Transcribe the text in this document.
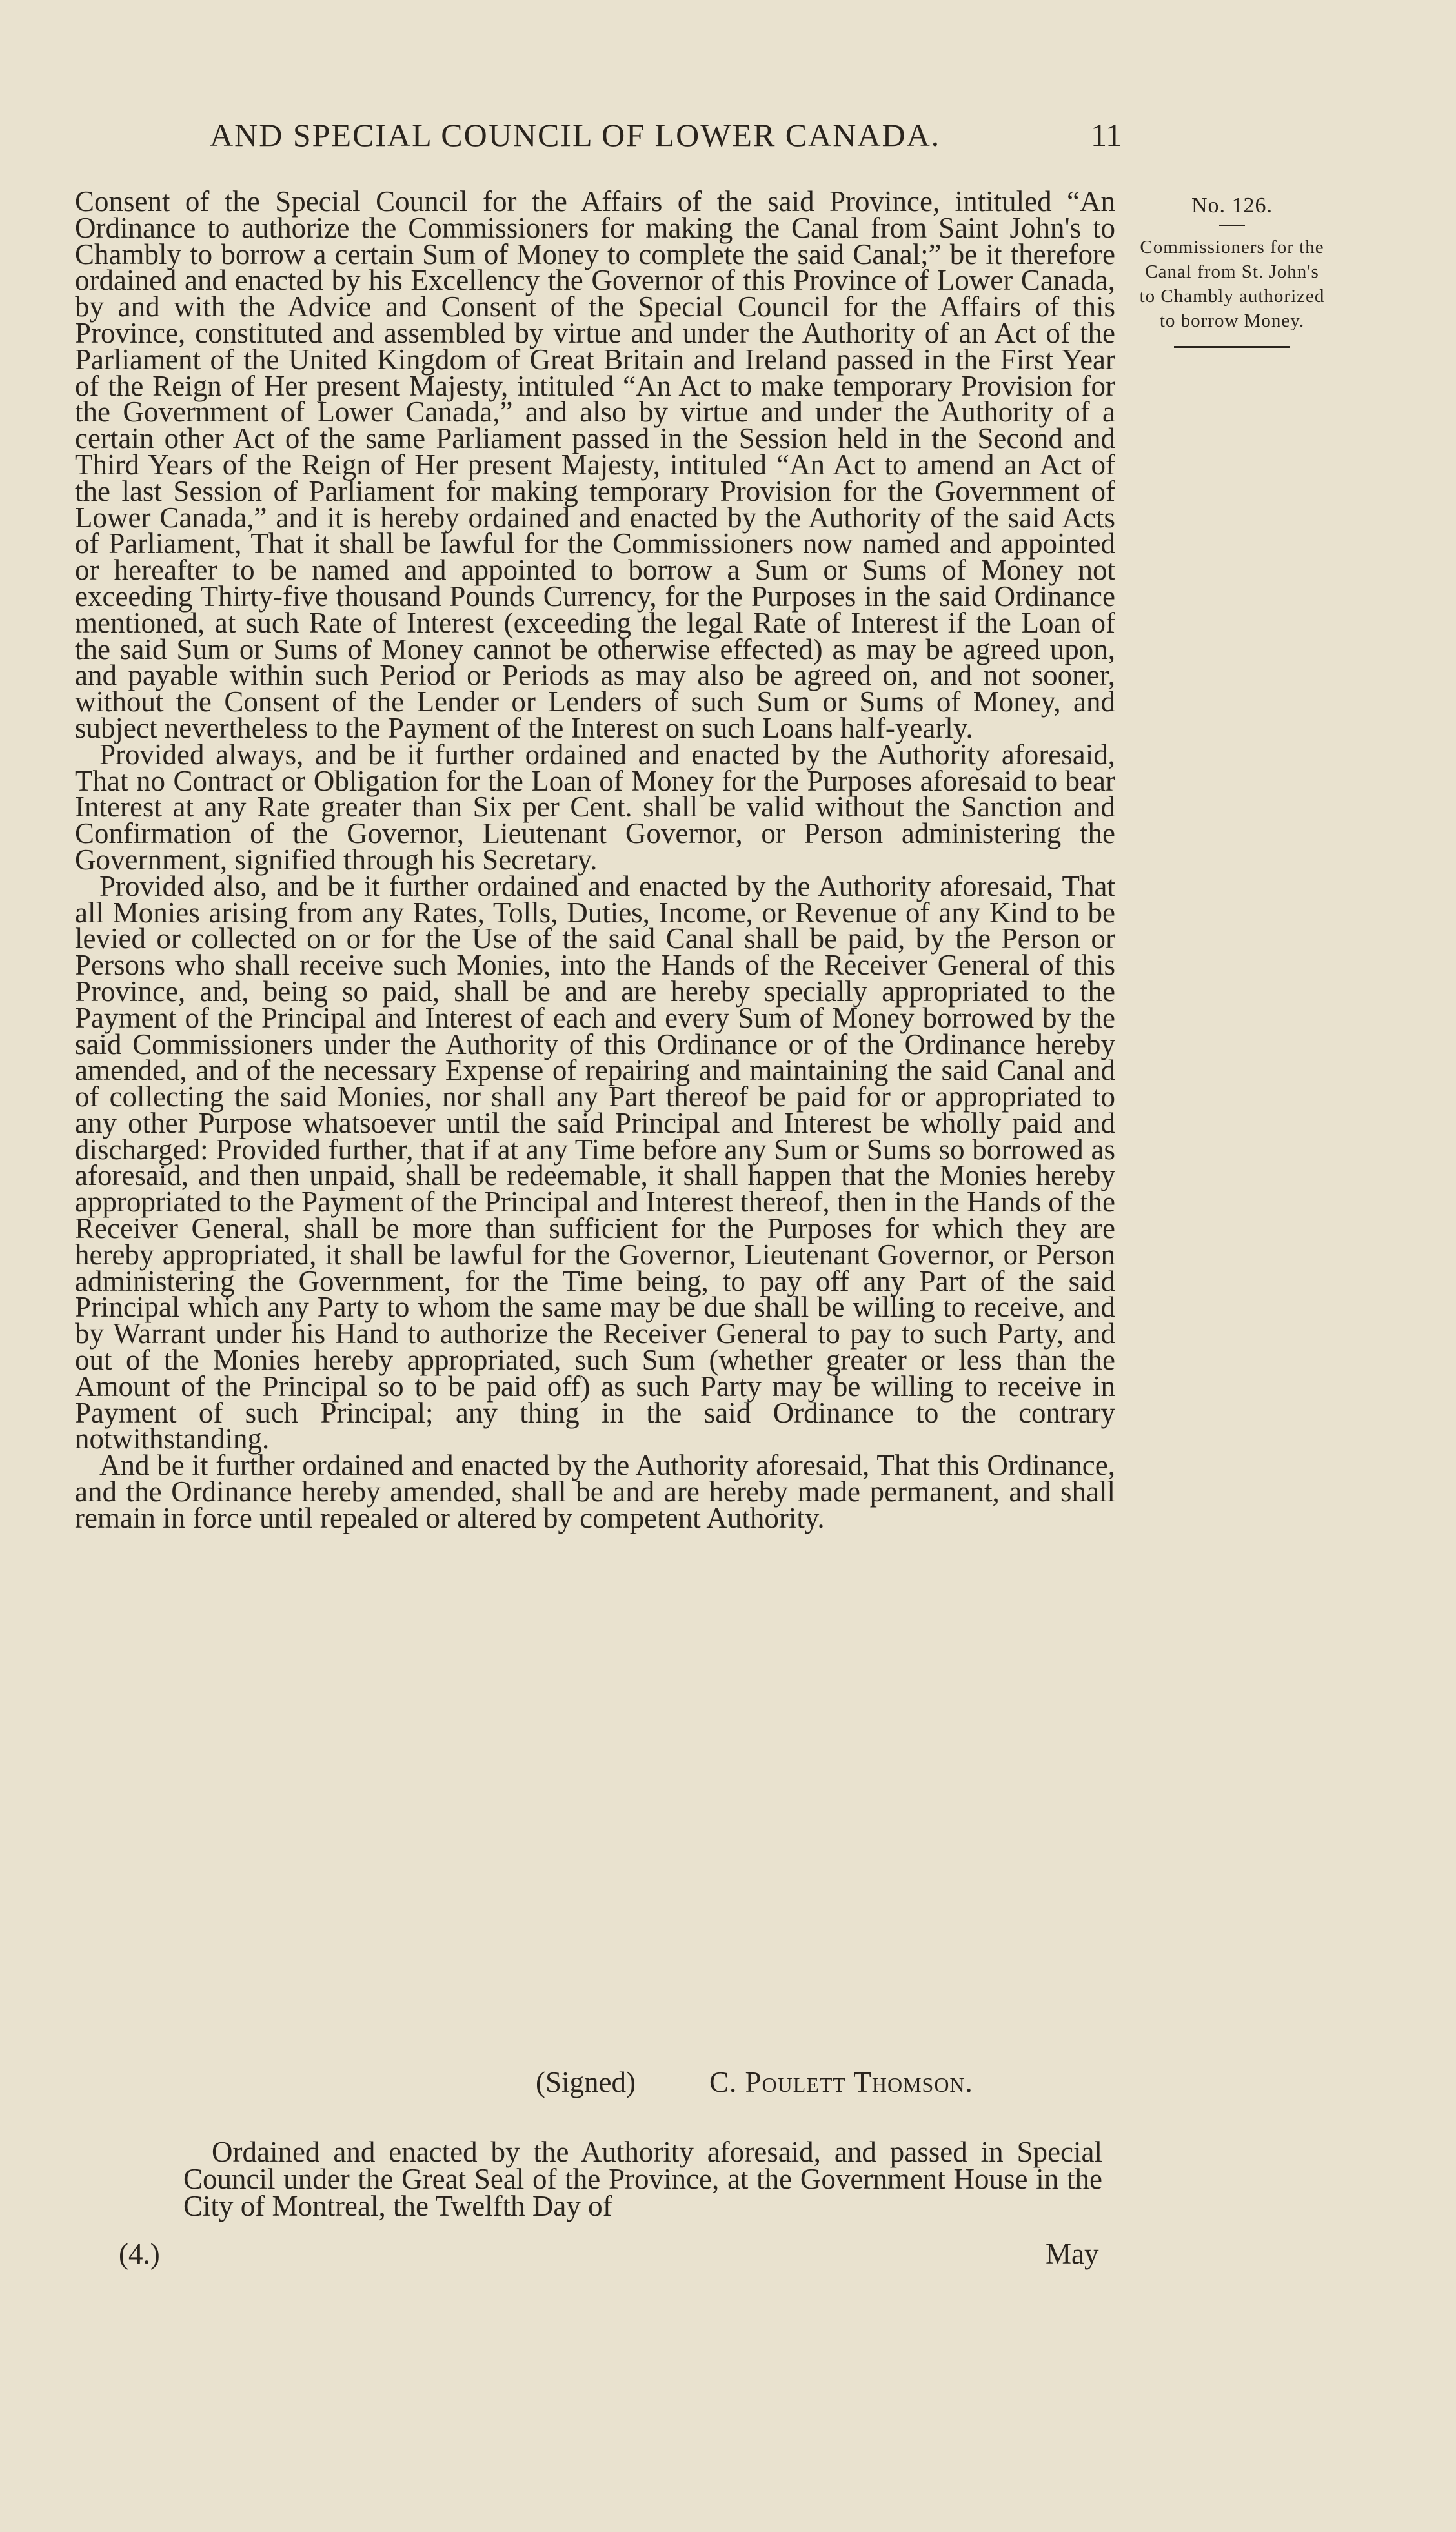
AND SPECIAL COUNCIL OF LOWER CANADA.	11

Consent of the Special Council for the Affairs of the said Province, intituled “An Ordinance to authorize the Commissioners for making the Canal from Saint John's to Chambly to borrow a certain Sum of Money to complete the said Canal;” be it therefore ordained and enacted by his Excellency the Governor of this Province of Lower Canada, by and with the Advice and Consent of the Special Council for the Affairs of this Province, constituted and assembled by virtue and under the Authority of an Act of the Parliament of the United Kingdom of Great Britain and Ireland passed in the First Year of the Reign of Her present Majesty, intituled “An Act to make temporary Provision for the Government of Lower Canada,” and also by virtue and under the Authority of a certain other Act of the same Parliament passed in the Session held in the Second and Third Years of the Reign of Her present Majesty, intituled “An Act to amend an Act of the last Session of Parliament for making temporary Provision for the Government of Lower Canada,” and it is hereby ordained and enacted by the Authority of the said Acts of Parliament, That it shall be lawful for the Commissioners now named and appointed or hereafter to be named and appointed to borrow a Sum or Sums of Money not exceeding Thirty-five thousand Pounds Currency, for the Purposes in the said Ordinance mentioned, at such Rate of Interest (exceeding the legal Rate of Interest if the Loan of the said Sum or Sums of Money cannot be otherwise effected) as may be agreed upon, and payable within such Period or Periods as may also be agreed on, and not sooner, without the Consent of the Lender or Lenders of such Sum or Sums of Money, and subject nevertheless to the Payment of the Interest on such Loans half-yearly.

Provided always, and be it further ordained and enacted by the Authority aforesaid, That no Contract or Obligation for the Loan of Money for the Purposes aforesaid to bear Interest at any Rate greater than Six per Cent. shall be valid without the Sanction and Confirmation of the Governor, Lieutenant Governor, or Person administering the Government, signified through his Secretary.

Provided also, and be it further ordained and enacted by the Authority aforesaid, That all Monies arising from any Rates, Tolls, Duties, Income, or Revenue of any Kind to be levied or collected on or for the Use of the said Canal shall be paid, by the Person or Persons who shall receive such Monies, into the Hands of the Receiver General of this Province, and, being so paid, shall be and are hereby specially appropriated to the Payment of the Principal and Interest of each and every Sum of Money borrowed by the said Commissioners under the Authority of this Ordinance or of the Ordinance hereby amended, and of the necessary Expense of repairing and maintaining the said Canal and of collecting the said Monies, nor shall any Part thereof be paid for or appropriated to any other Purpose whatsoever until the said Principal and Interest be wholly paid and discharged: Provided further, that if at any Time before any Sum or Sums so borrowed as aforesaid, and then unpaid, shall be redeemable, it shall happen that the Monies hereby appropriated to the Payment of the Principal and Interest thereof, then in the Hands of the Receiver General, shall be more than sufficient for the Purposes for which they are hereby appropriated, it shall be lawful for the Governor, Lieutenant Governor, or Person administering the Government, for the Time being, to pay off any Part of the said Principal which any Party to whom the same may be due shall be willing to receive, and by Warrant under his Hand to authorize the Receiver General to pay to such Party, and out of the Monies hereby appropriated, such Sum (whether greater or less than the Amount of the Principal so to be paid off) as such Party may be willing to receive in Payment of such Principal; any thing in the said Ordinance to the contrary notwithstanding.

And be it further ordained and enacted by the Authority aforesaid, That this Ordinance, and the Ordinance hereby amended, shall be and are hereby made permanent, and shall remain in force until repealed or altered by competent Authority.

(Signed)	C. Poulett Thomson.
Ordained and enacted by the Authority aforesaid, and passed in Special Council under the Great Seal of the Province, at the Government House in the City of Montreal, the Twelfth Day of
(4.)	May
No. 126.
Commissioners for the Canal from St. John's to Chambly authorized to borrow Money.
